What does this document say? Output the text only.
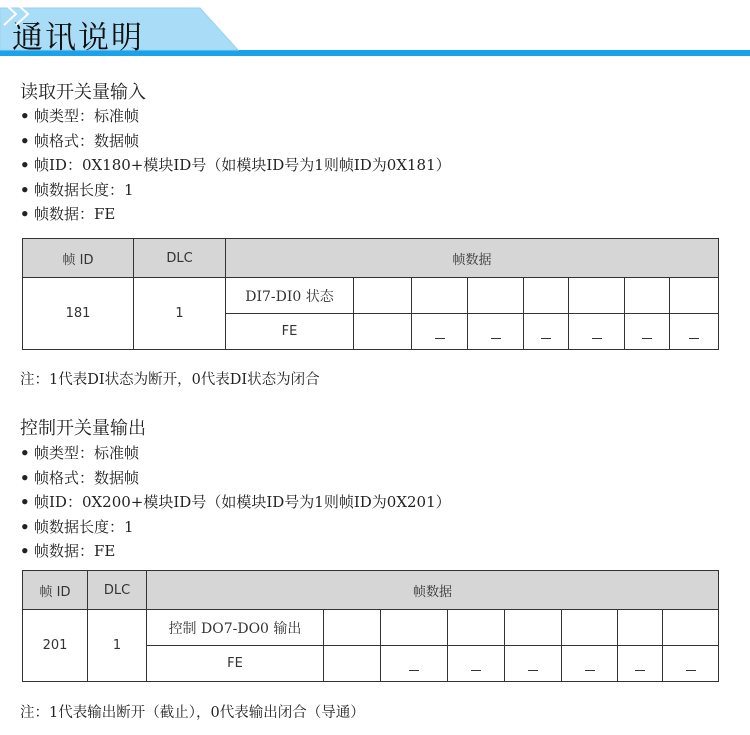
通讯说明
读取开关量输入
• 帧类型：标准帧
• 帧格式：数据帧
• 帧ID：0X180+模块ID号（如模块ID号为1则帧ID为0X181）
• 帧数据长度：1
• 帧数据：FE
帧 ID	DLC	帧数据							
181	1	DI7-DI0 状态							
		FE							
注：1代表DI状态为断开，0代表DI状态为闭合
控制开关量输出
• 帧类型：标准帧
• 帧格式：数据帧
• 帧ID：0X200+模块ID号（如模块ID号为1则帧ID为0X201）
• 帧数据长度：1
• 帧数据：FE
帧 ID	DLC	帧数据							
201	1	控制 DO7-DO0 输出							
		FE							
注：1代表输出断开（截止），0代表输出闭合（导通）
